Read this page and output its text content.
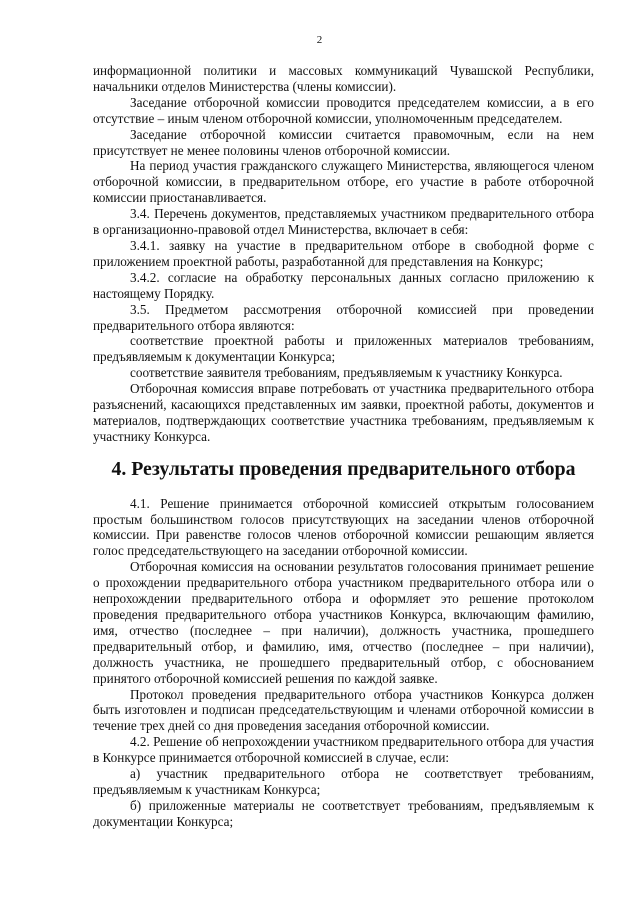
2

информационной политики и массовых коммуникаций Чувашской Республики, начальники отделов Министерства (члены комиссии).

Заседание отборочной комиссии проводится председателем комиссии, а в его отсутствие – иным членом отборочной комиссии, уполномоченным председателем.

Заседание отборочной комиссии считается правомочным, если на нем присутствует не менее половины членов отборочной комиссии.

На период участия гражданского служащего Министерства, являющегося членом отборочной комиссии, в предварительном отборе, его участие в работе отборочной комиссии приостанавливается.

3.4. Перечень документов, представляемых участником предварительного отбора в организационно-правовой отдел Министерства, включает в себя:

3.4.1. заявку на участие в предварительном отборе в свободной форме с приложением проектной работы, разработанной для представления на Конкурс;

3.4.2. согласие на обработку персональных данных согласно приложению к настоящему Порядку.

3.5. Предметом рассмотрения отборочной комиссией при проведении предварительного отбора являются:

соответствие проектной работы и приложенных материалов требованиям, предъявляемым к документации Конкурса;

соответствие заявителя требованиям, предъявляемым к участнику Конкурса.

Отборочная комиссия вправе потребовать от участника предварительного отбора разъяснений, касающихся представленных им заявки, проектной работы, документов и материалов, подтверждающих соответствие участника требованиям, предъявляемым к участнику Конкурса.

4. Результаты проведения предварительного отбора

4.1. Решение принимается отборочной комиссией открытым голосованием простым большинством голосов присутствующих на заседании членов отборочной комиссии. При равенстве голосов членов отборочной комиссии решающим является голос председательствующего на заседании отборочной комиссии.

Отборочная комиссия на основании результатов голосования принимает решение о прохождении предварительного отбора участником предварительного отбора или о непрохождении предварительного отбора и оформляет это решение протоколом проведения предварительного отбора участников Конкурса, включающим фамилию, имя, отчество (последнее – при наличии), должность участника, прошедшего предварительный отбор, и фамилию, имя, отчество (последнее – при наличии), должность участника, не прошедшего предварительный отбор, с обоснованием принятого отборочной комиссией решения по каждой заявке.

Протокол проведения предварительного отбора участников Конкурса должен быть изготовлен и подписан председательствующим и членами отборочной комиссии в течение трех дней со дня проведения заседания отборочной комиссии.

4.2. Решение об непрохождении участником предварительного отбора для участия в Конкурсе принимается отборочной комиссией в случае, если:

а) участник предварительного отбора не соответствует требованиям, предъявляемым к участникам Конкурса;

б) приложенные материалы не соответствует требованиям, предъявляемым к документации Конкурса;
